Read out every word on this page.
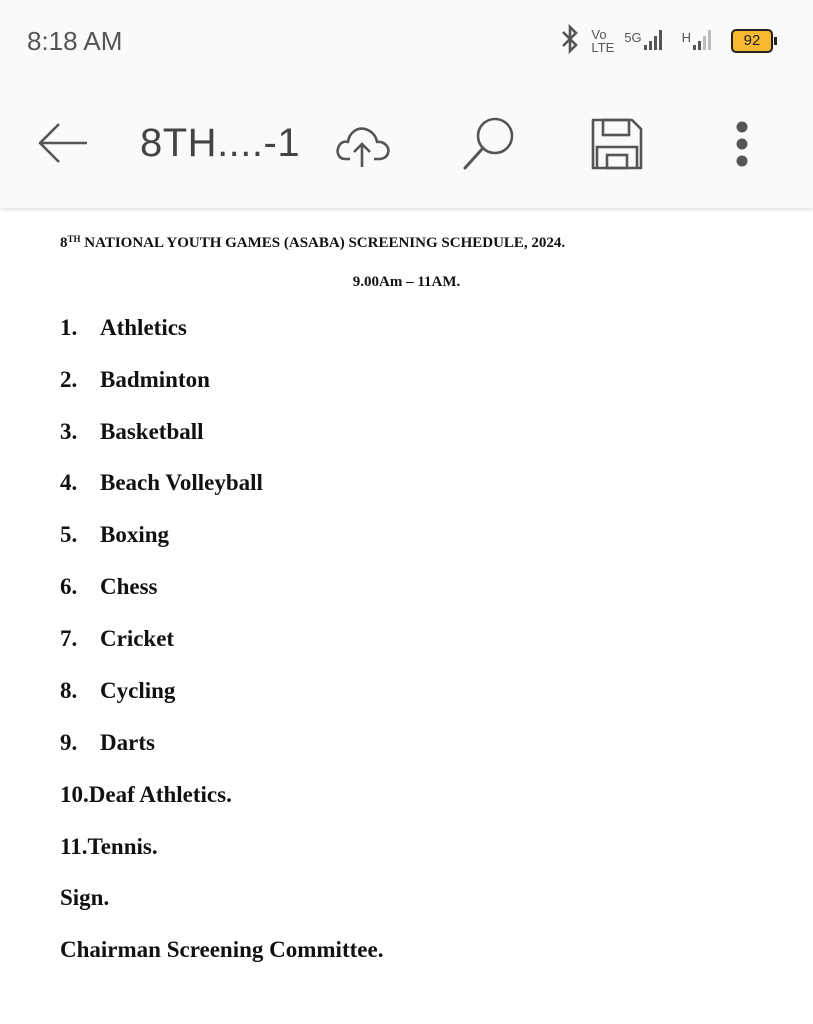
8:18 AM	Vo
LTE
5G	H	92
8TH....-1
8TH NATIONAL YOUTH GAMES (ASABA) SCREENING SCHEDULE, 2024.
9.00Am – 11AM.
1. Athletics
2. Badminton
3. Basketball
4. Beach Volleyball
5. Boxing
6. Chess
7. Cricket
8. Cycling
9. Darts
10.Deaf Athletics.
11.Tennis.
Sign.
Chairman Screening Committee.
